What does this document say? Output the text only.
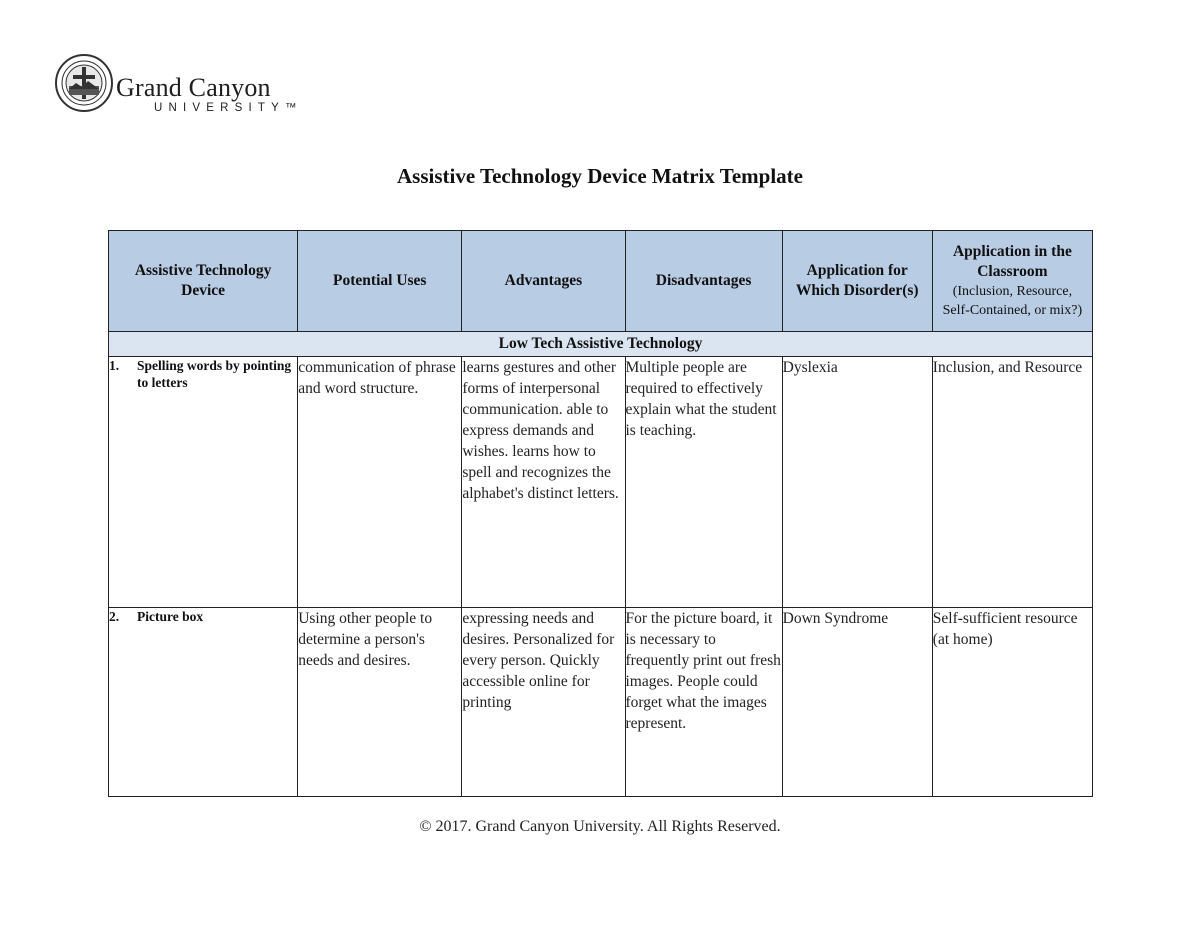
Grand Canyon
UNIVERSITY™
Assistive Technology Device Matrix Template
Assistive Technology Device	Potential Uses	Advantages	Disadvantages	Application for Which Disorder(s)	Application in the Classroom
(Inclusion, Resource, Self-Contained, or mix?)

Low Tech Assistive Technology					

1. Spelling words by pointing to letters	communication of phrase and word structure.	learns gestures and other forms of interpersonal communication. able to express demands and wishes. learns how to spell and recognizes the alphabet's distinct letters.	Multiple people are required to effectively explain what the student is teaching.	Dyslexia	Inclusion, and Resource

2. Picture box	Using other people to determine a person's needs and desires.	expressing needs and desires. Personalized for every person. Quickly accessible online for printing	For the picture board, it is necessary to frequently print out fresh images. People could forget what the images represent.	Down Syndrome	Self-sufficient resource (at home)
© 2017. Grand Canyon University. All Rights Reserved.
